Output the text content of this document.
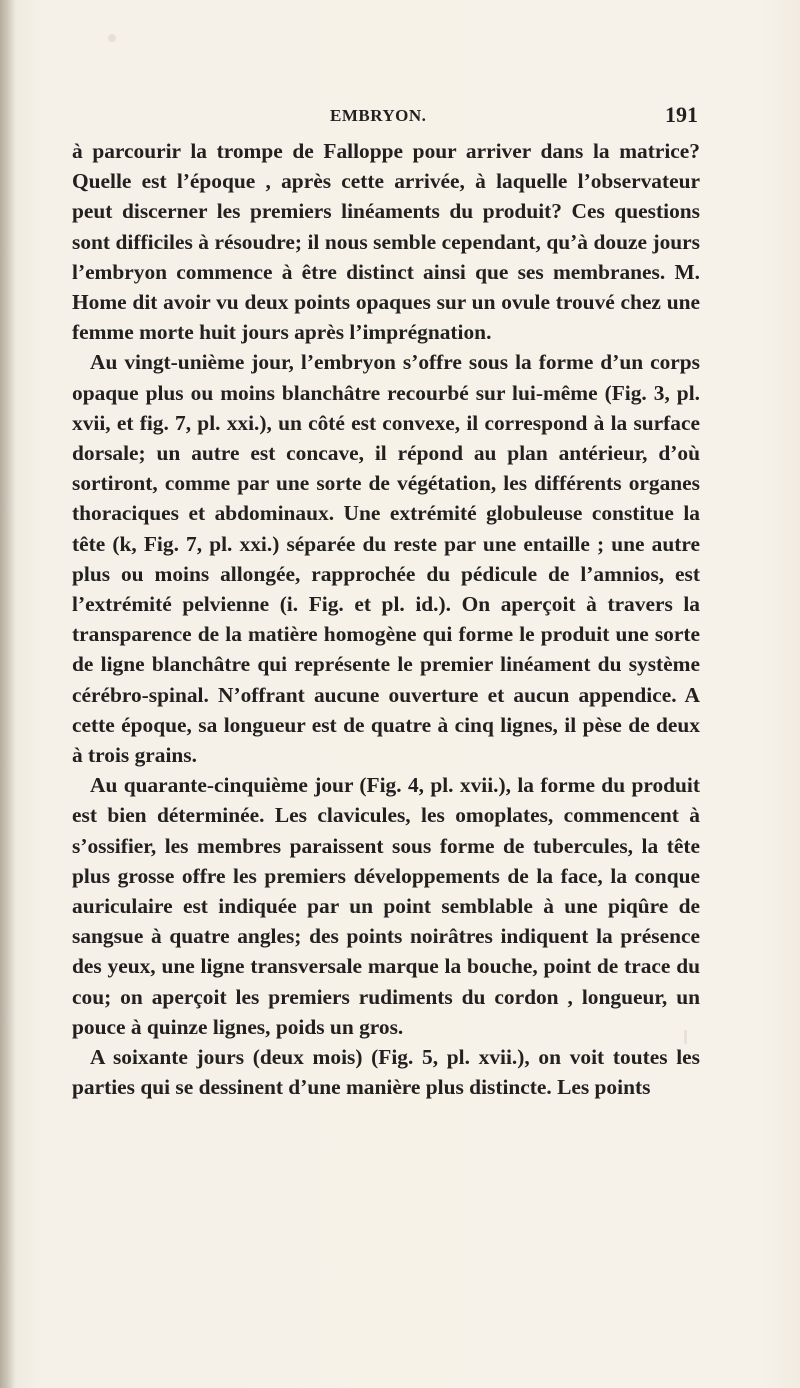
EMBRYON.	191

à parcourir la trompe de Falloppe pour arriver dans la matrice? Quelle est l’époque , après cette arrivée, à laquelle l’observateur peut discerner les premiers linéaments du produit? Ces questions sont difficiles à résoudre; il nous semble cependant, qu’à douze jours l’embryon commence à être distinct ainsi que ses membranes. M. Home dit avoir vu deux points opaques sur un ovule trouvé chez une femme morte huit jours après l’imprégnation.

Au vingt-unième jour, l’embryon s’offre sous la forme d’un corps opaque plus ou moins blanchâtre recourbé sur lui-même (Fig. 3, pl. xvii, et fig. 7, pl. xxi.), un côté est convexe, il correspond à la surface dorsale; un autre est concave, il répond au plan antérieur, d’où sortiront, comme par une sorte de végétation, les différents organes thoraciques et abdominaux. Une extrémité globuleuse constitue la tête (k, Fig. 7, pl. xxi.) séparée du reste par une entaille ; une autre plus ou moins allongée, rapprochée du pédicule de l’amnios, est l’extrémité pelvienne (i. Fig. et pl. id.). On aperçoit à travers la transparence de la matière homogène qui forme le produit une sorte de ligne blanchâtre qui représente le premier linéament du système cérébro-spinal. N’offrant aucune ouverture et aucun appendice. A cette époque, sa longueur est de quatre à cinq lignes, il pèse de deux à trois grains.

Au quarante-cinquième jour (Fig. 4, pl. xvii.), la forme du produit est bien déterminée. Les clavicules, les omoplates, commencent à s’ossifier, les membres paraissent sous forme de tubercules, la tête plus grosse offre les premiers développements de la face, la conque auriculaire est indiquée par un point semblable à une piqûre de sangsue à quatre angles; des points noirâtres indiquent la présence des yeux, une ligne transversale marque la bouche, point de trace du cou; on aperçoit les premiers rudiments du cordon , longueur, un pouce à quinze lignes, poids un gros.

A soixante jours (deux mois) (Fig. 5, pl. xvii.), on voit toutes les parties qui se dessinent d’une manière plus distincte. Les points
